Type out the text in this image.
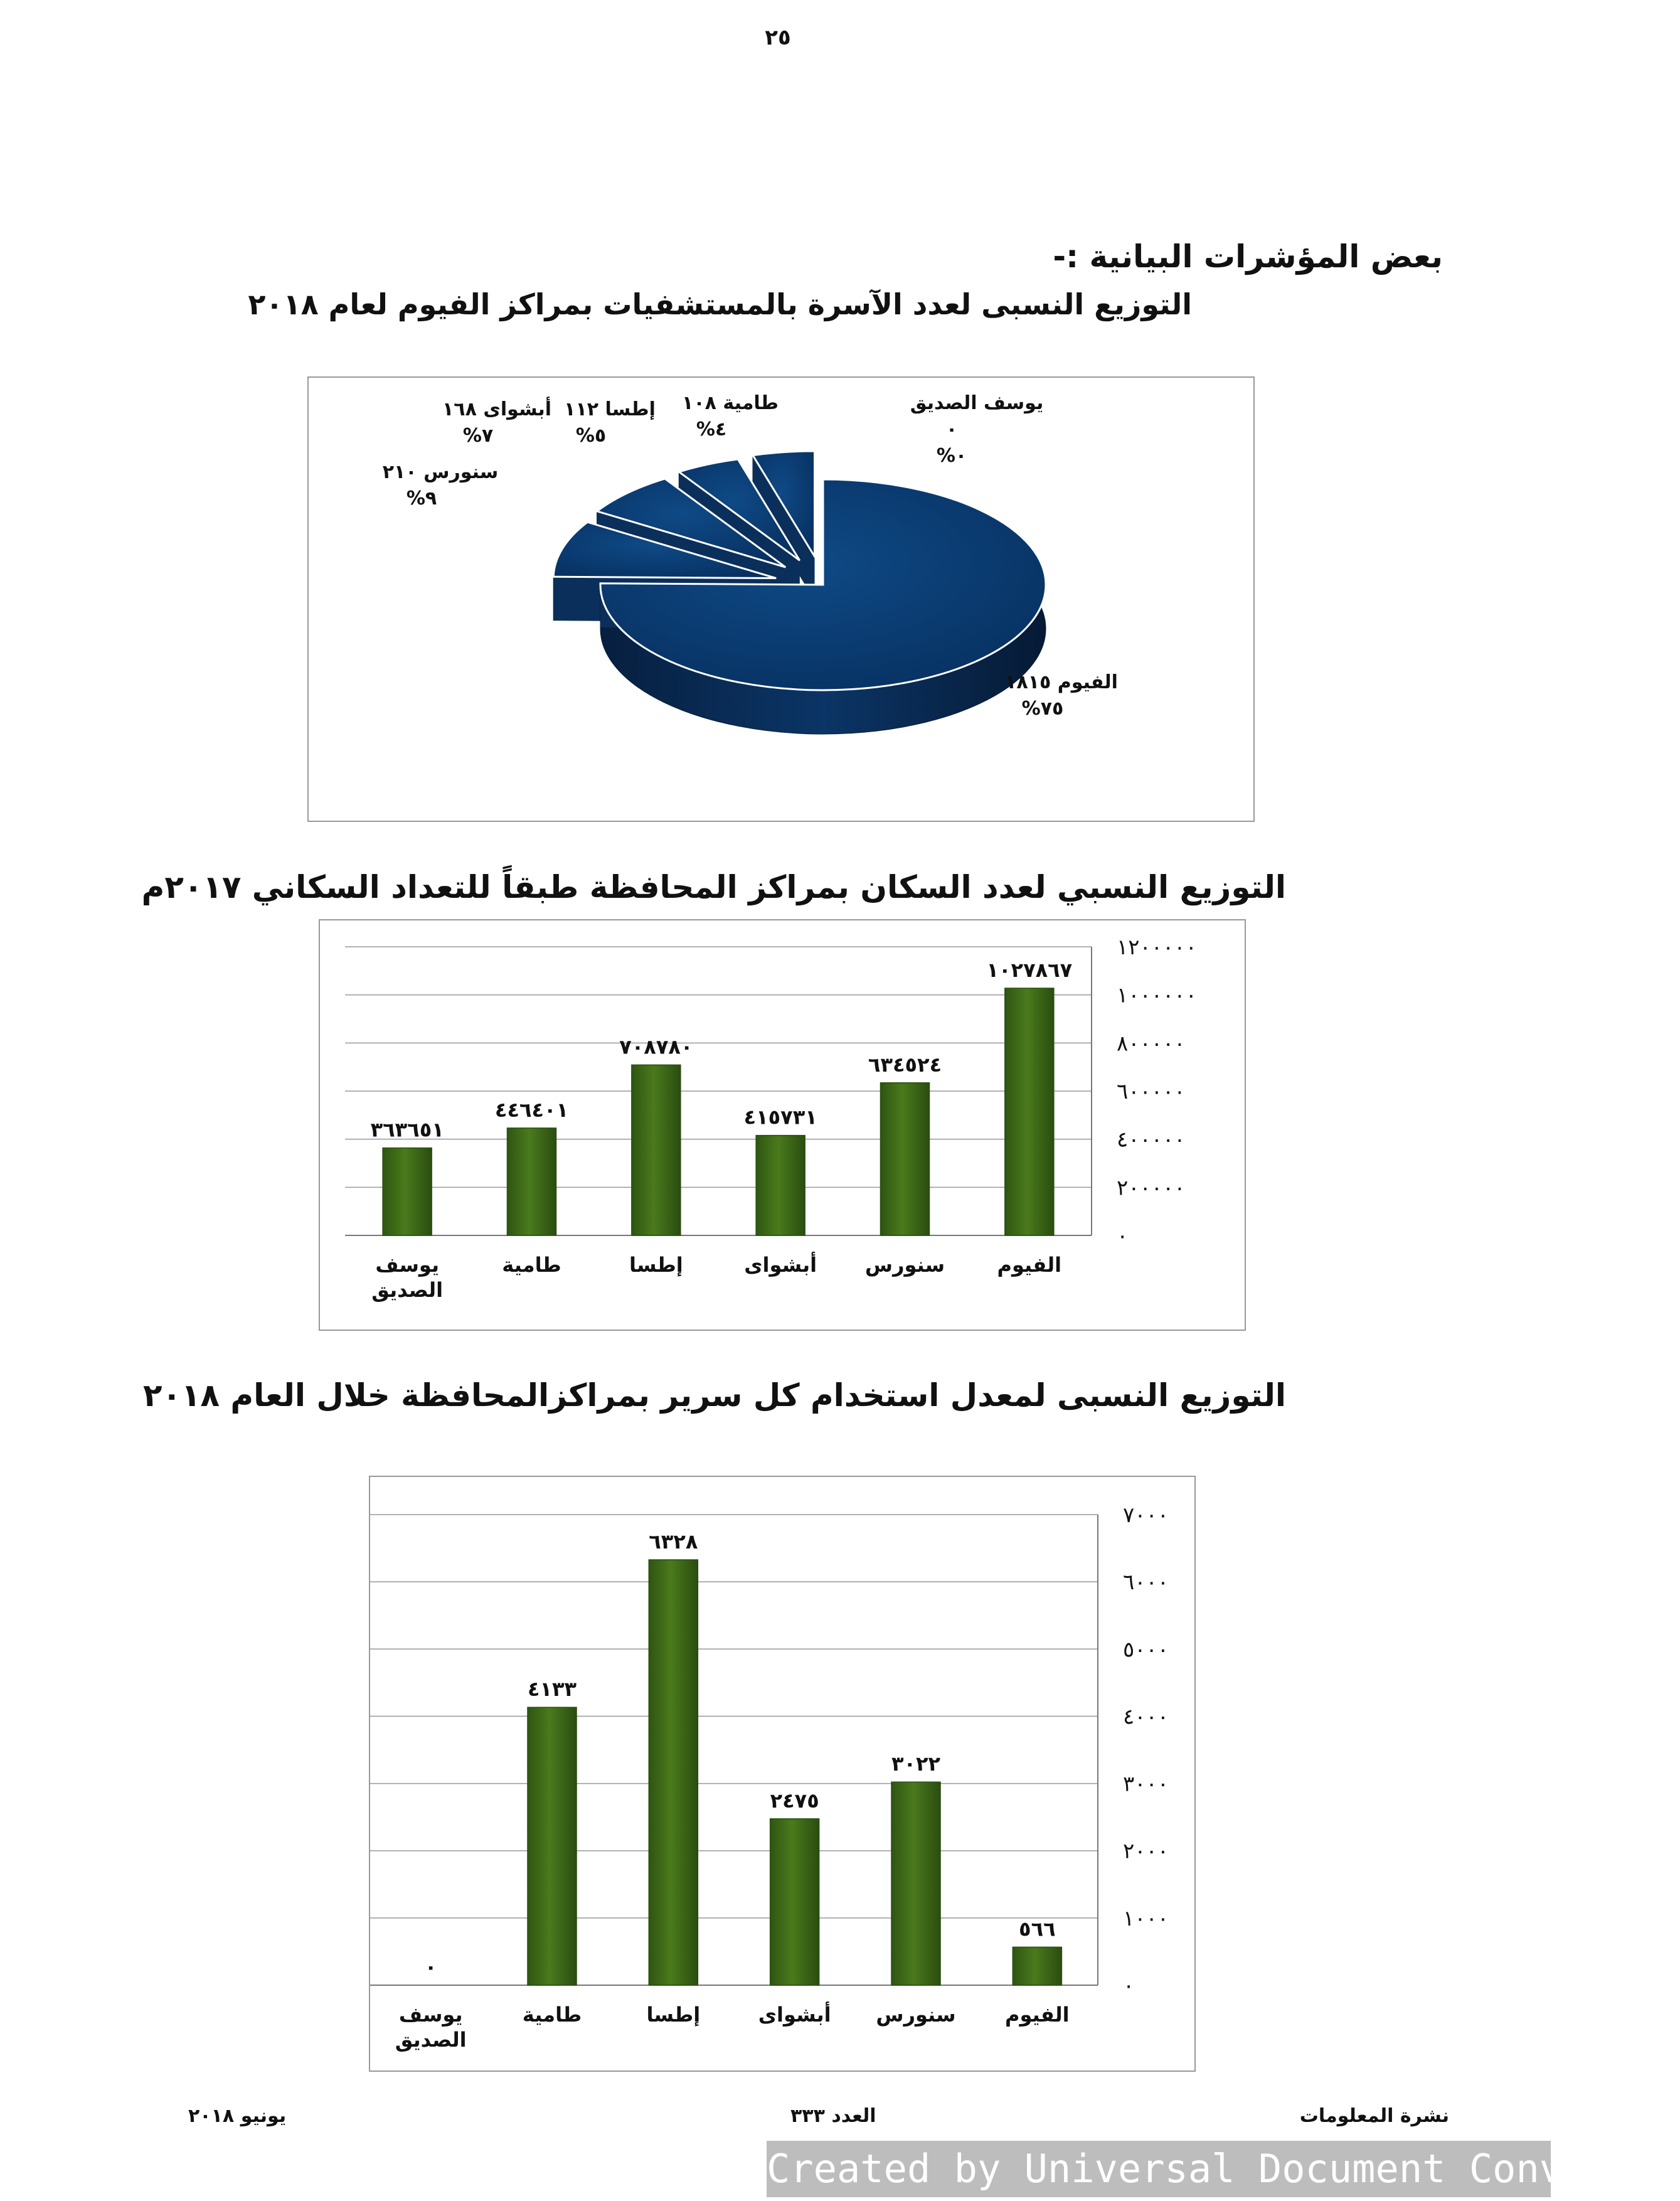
٢٥
بعض المؤشرات البيانية :-
التوزيع النسبى لعدد الآسرة بالمستشفيات بمراكز الفيوم لعام ٢٠١٨
الفيوم ١٨١٥
%٧٥
سنورس ٢١٠
%٩
أبشواى ١٦٨
%٧
إطسا ١١٢
%٥
طامية ١٠٨
%٤
يوسف الصديق
٠
%٠
التوزيع النسبي لعدد السكان بمراكز المحافظة طبقاً للتعداد السكاني ٢٠١٧م
٠
٢٠٠٠٠٠
٤٠٠٠٠٠
٦٠٠٠٠٠
٨٠٠٠٠٠
١٠٠٠٠٠٠
١٢٠٠٠٠٠
١٠٢٧٨٦٧
الفيوم
٦٣٤٥٢٤
سنورس
٤١٥٧٣١
أبشواى
٧٠٨٧٨٠
إطسا
٤٤٦٤٠١
طامية
٣٦٣٦٥١
يوسف
الصديق
التوزيع النسبى لمعدل استخدام كل سرير بمراكزالمحافظة خلال العام ٢٠١٨
٠
١٠٠٠
٢٠٠٠
٣٠٠٠
٤٠٠٠
٥٠٠٠
٦٠٠٠
٧٠٠٠
٥٦٦
الفيوم
٣٠٢٢
سنورس
٢٤٧٥
أبشواى
٦٣٢٨
إطسا
٤١٣٣
طامية
٠
يوسف
الصديق
يونيو ٢٠١٨	العدد ٣٣٣	نشرة المعلومات
Created by Universal Document Converter
